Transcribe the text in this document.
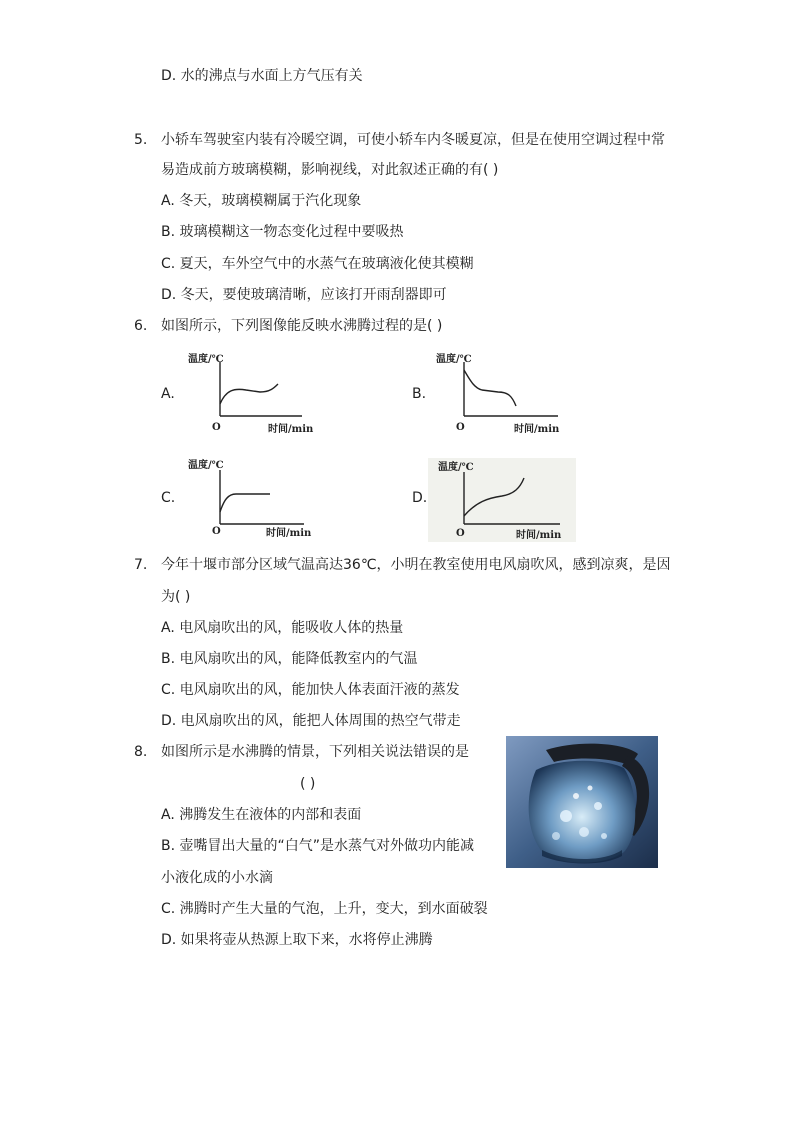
D. 水的沸点与水面上方气压有关
5. 小轿车驾驶室内装有冷暖空调，可使小轿车内冬暖夏凉，但是在使用空调过程中常
易造成前方玻璃模糊，影响视线，对此叙述正确的有( )
A. 冬天，玻璃模糊属于汽化现象
B. 玻璃模糊这一物态变化过程中要吸热
C. 夏天，车外空气中的水蒸气在玻璃液化使其模糊
D. 冬天，要使玻璃清晰，应该打开雨刮器即可
6. 如图所示，下列图像能反映水沸腾过程的是( )
A.	B.
C.	D.
温度/℃
O	时间/min
温度/℃
O	时间/min
温度/℃
O	时间/min
温度/℃
O	时间/min
7. 今年十堰市部分区域气温高达36℃，小明在教室使用电风扇吹风，感到凉爽，是因
为( )
A. 电风扇吹出的风，能吸收人体的热量
B. 电风扇吹出的风，能降低教室内的气温
C. 电风扇吹出的风，能加快人体表面汗液的蒸发
D. 电风扇吹出的风，能把人体周围的热空气带走
8. 如图所示是水沸腾的情景，下列相关说法错误的是
( )
A. 沸腾发生在液体的内部和表面
B. 壶嘴冒出大量的“白气”是水蒸气对外做功内能减
小液化成的小水滴
C. 沸腾时产生大量的气泡，上升，变大，到水面破裂
D. 如果将壶从热源上取下来，水将停止沸腾
